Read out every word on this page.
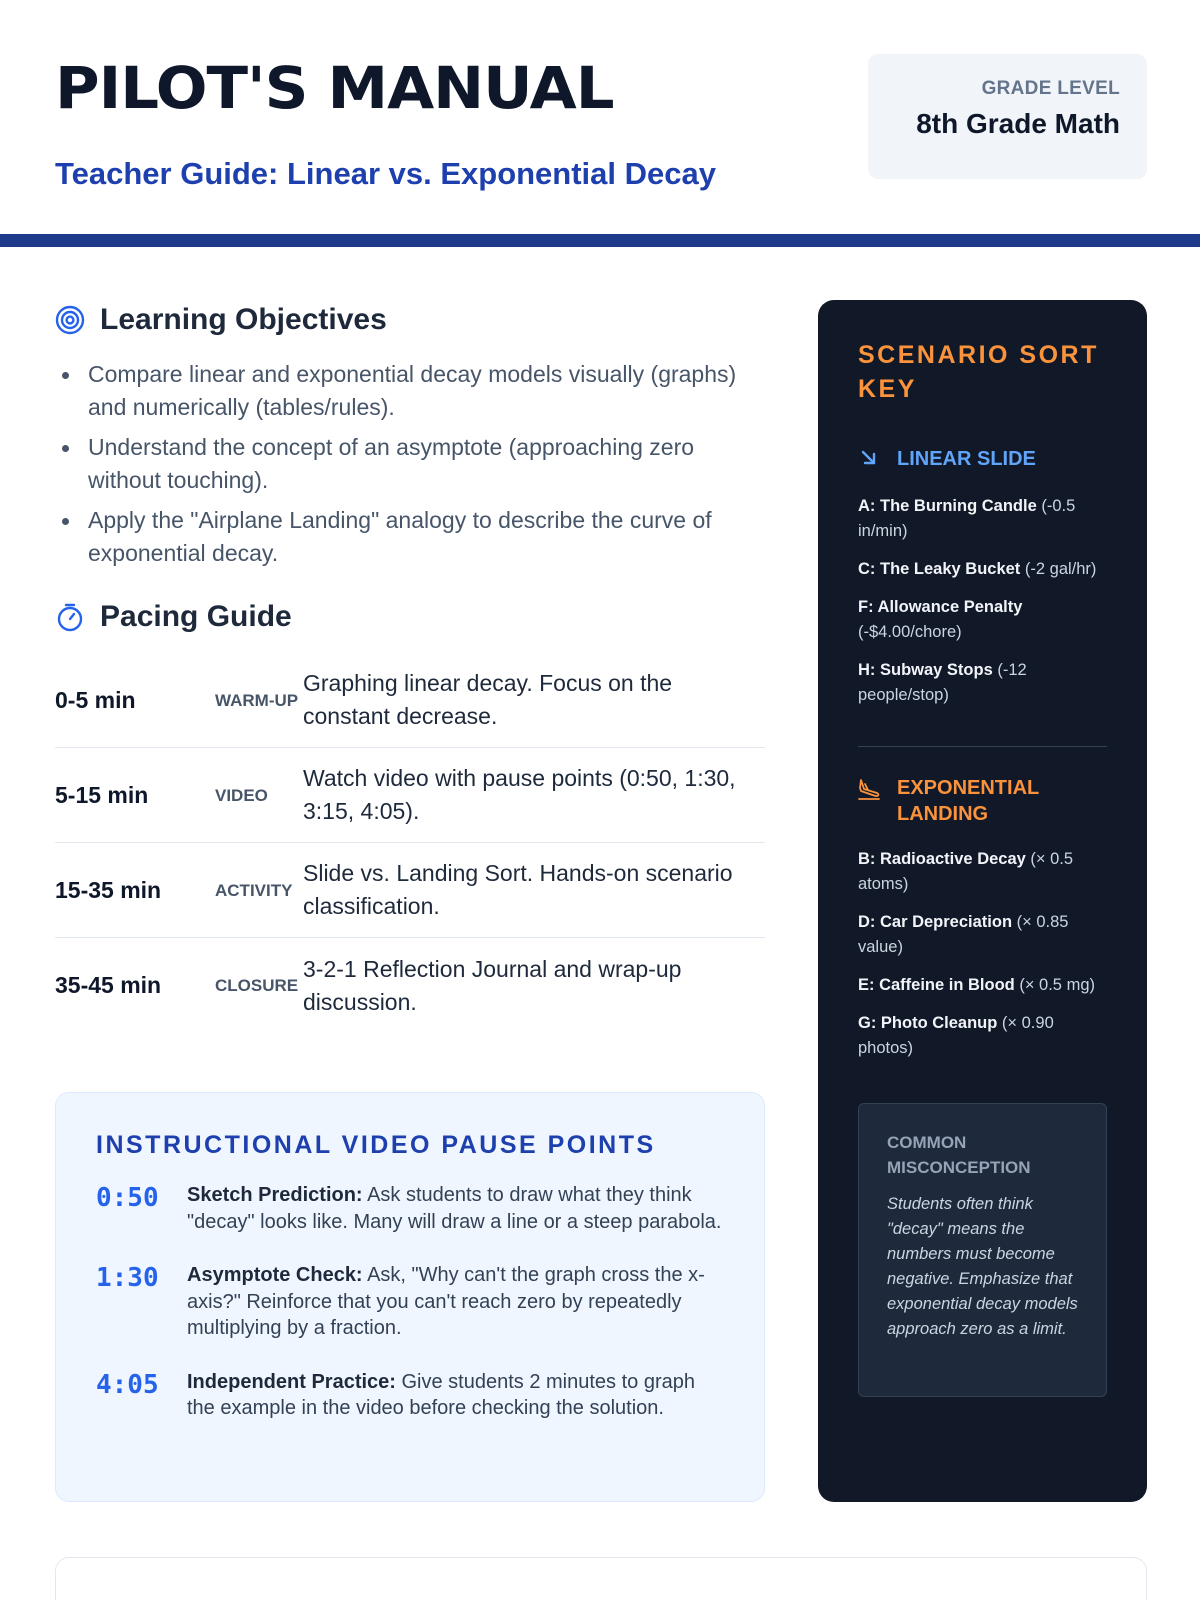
PILOT'S MANUAL
Teacher Guide: Linear vs. Exponential Decay
GRADE LEVEL
8th Grade Math
Learning Objectives
Compare linear and exponential decay models visually (graphs) and numerically (tables/rules).
Understand the concept of an asymptote (approaching zero without touching).
Apply the "Airplane Landing" analogy to describe the curve of exponential decay.
Pacing Guide
0-5 min	WARM-UP
Graphing linear decay. Focus on the constant decrease.
5-15 min	VIDEO
Watch video with pause points (0:50, 1:30, 3:15, 4:05).
15-35 min	ACTIVITY
Slide vs. Landing Sort. Hands-on scenario classification.
35-45 min	CLOSURE
3-2-1 Reflection Journal and wrap-up discussion.
INSTRUCTIONAL VIDEO PAUSE POINTS
0:50	Sketch Prediction: Ask students to draw what they think "decay" looks like. Many will draw a line or a steep parabola.
1:30	Asymptote Check: Ask, "Why can't the graph cross the x-axis?" Reinforce that you can't reach zero by repeatedly multiplying by a fraction.
4:05	Independent Practice: Give students 2 minutes to graph the example in the video before checking the solution.
SCENARIO SORT KEY
LINEAR SLIDE
A: The Burning Candle (-0.5 in/min)
C: The Leaky Bucket (-2 gal/hr)
F: Allowance Penalty (-$4.00/chore)
H: Subway Stops (-12 people/stop)
EXPONENTIAL LANDING
B: Radioactive Decay (× 0.5 atoms)
D: Car Depreciation (× 0.85 value)
E: Caffeine in Blood (× 0.5 mg)
G: Photo Cleanup (× 0.90 photos)
COMMON MISCONCEPTION
Students often think "decay" means the numbers must become negative. Emphasize that exponential decay models approach zero as a limit.
